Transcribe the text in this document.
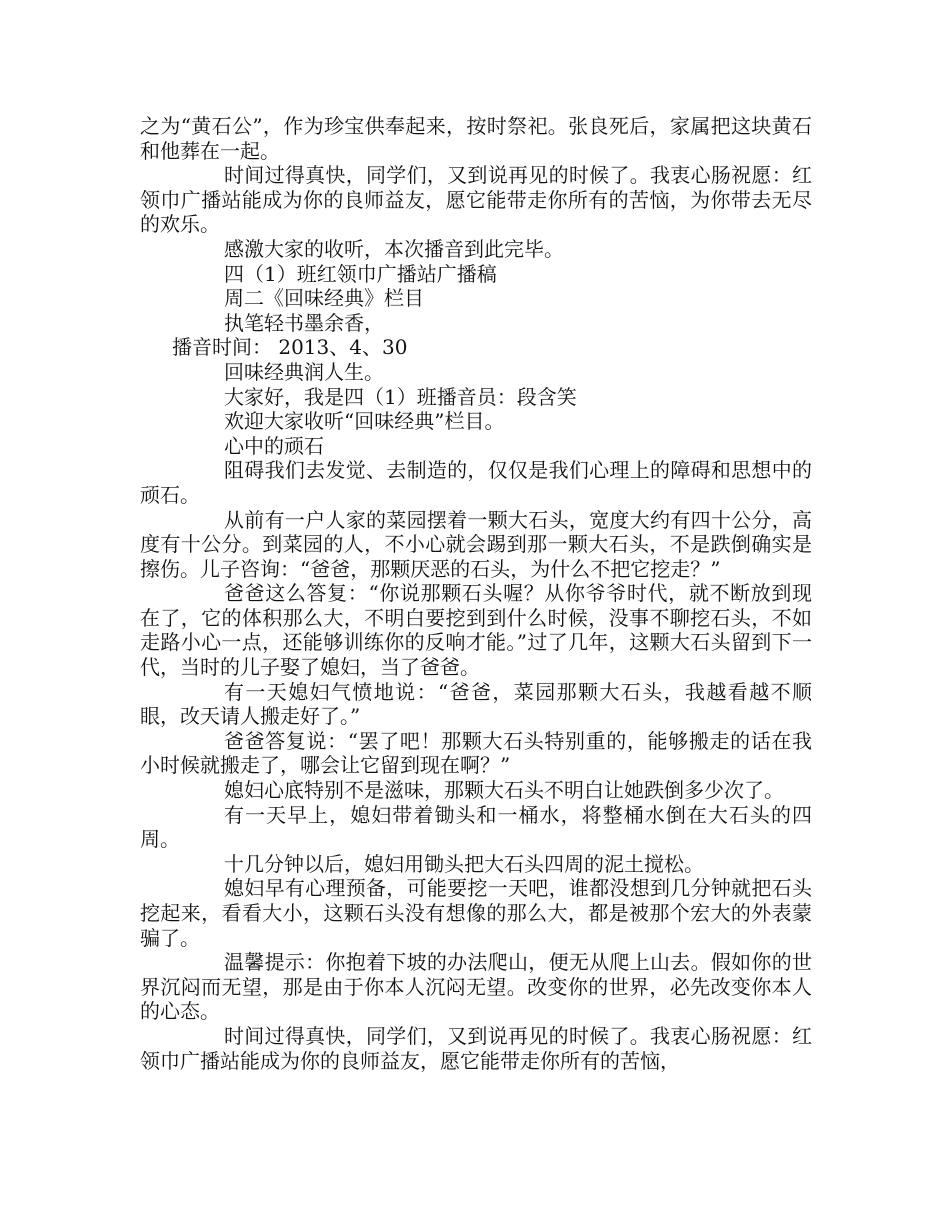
之为“黄石公”，作为珍宝供奉起来，按时祭祀。张良死后，家属把这块黄石和他葬在一起。

时间过得真快，同学们，又到说再见的时候了。我衷心肠祝愿：红领巾广播站能成为你的良师益友，愿它能带走你所有的苦恼，为你带去无尽的欢乐。

感激大家的收听，本次播音到此完毕。

四（1）班红领巾广播站广播稿

周二《回味经典》栏目

执笔轻书墨余香，

播音时间： 2013、4、30

回味经典润人生。

大家好，我是四（1）班播音员：段含笑

欢迎大家收听“回味经典”栏目。

心中的顽石

阻碍我们去发觉、去制造的，仅仅是我们心理上的障碍和思想中的顽石。

从前有一户人家的菜园摆着一颗大石头，宽度大约有四十公分，高度有十公分。到菜园的人，不小心就会踢到那一颗大石头，不是跌倒确实是擦伤。儿子咨询：“爸爸，那颗厌恶的石头，为什么不把它挖走？”

爸爸这么答复：“你说那颗石头喔？从你爷爷时代，就不断放到现在了，它的体积那么大，不明白要挖到到什么时候，没事不聊挖石头，不如走路小心一点，还能够训练你的反响才能。”过了几年，这颗大石头留到下一代，当时的儿子娶了媳妇，当了爸爸。

有一天媳妇气愤地说：“爸爸，菜园那颗大石头，我越看越不顺眼，改天请人搬走好了。”

爸爸答复说：“罢了吧！那颗大石头特别重的，能够搬走的话在我小时候就搬走了，哪会让它留到现在啊？”

媳妇心底特别不是滋味，那颗大石头不明白让她跌倒多少次了。

有一天早上，媳妇带着锄头和一桶水，将整桶水倒在大石头的四周。

十几分钟以后，媳妇用锄头把大石头四周的泥土搅松。

媳妇早有心理预备，可能要挖一天吧，谁都没想到几分钟就把石头挖起来，看看大小，这颗石头没有想像的那么大，都是被那个宏大的外表蒙骗了。

温馨提示：你抱着下坡的办法爬山，便无从爬上山去。假如你的世界沉闷而无望，那是由于你本人沉闷无望。改变你的世界，必先改变你本人的心态。

时间过得真快，同学们，又到说再见的时候了。我衷心肠祝愿：红领巾广播站能成为你的良师益友，愿它能带走你所有的苦恼，
